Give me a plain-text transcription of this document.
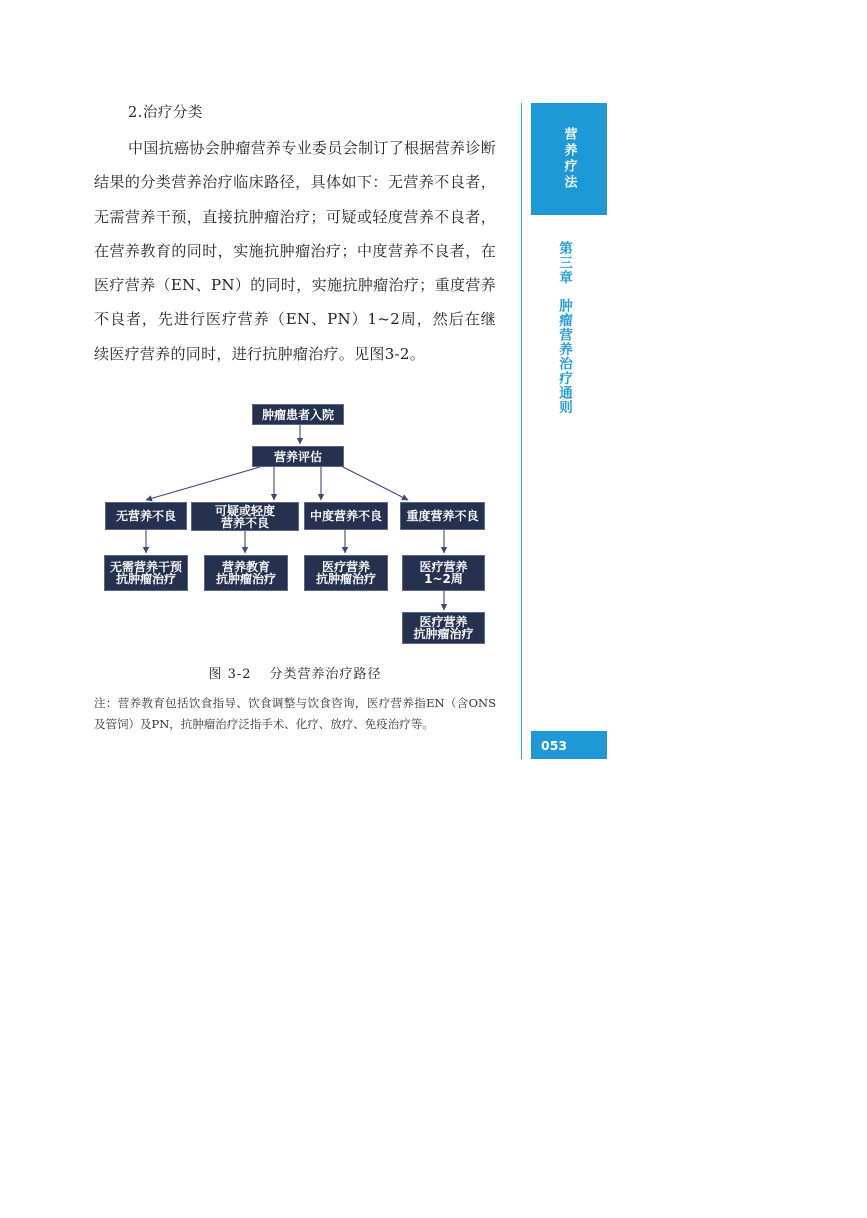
2.治疗分类

中国抗癌协会肿瘤营养专业委员会制订了根据营养诊断结果的分类营养治疗临床路径，具体如下：无营养不良者，无需营养干预，直接抗肿瘤治疗；可疑或轻度营养不良者，在营养教育的同时，实施抗肿瘤治疗；中度营养不良者，在医疗营养（EN、PN）的同时，实施抗肿瘤治疗；重度营养不良者，先进行医疗营养（EN、PN）1~2周，然后在继续医疗营养的同时，进行抗肿瘤治疗。见图3-2。

肿瘤患者入院
营养评估
无营养不良	可疑或轻度
营养不良	中度营养不良	重度营养不良
无需营养干预
抗肿瘤治疗
营养教育
抗肿瘤治疗
医疗营养
抗肿瘤治疗
医疗营养
1~2周
医疗营养
抗肿瘤治疗
图 3-2 分类营养治疗路径

注：营养教育包括饮食指导、饮食调整与饮食咨询，医疗营养指EN（含ONS及管饲）及PN，抗肿瘤治疗泛指手术、化疗、放疗、免疫治疗等。

营养疗法
第三章肿瘤营养治疗通则
053
